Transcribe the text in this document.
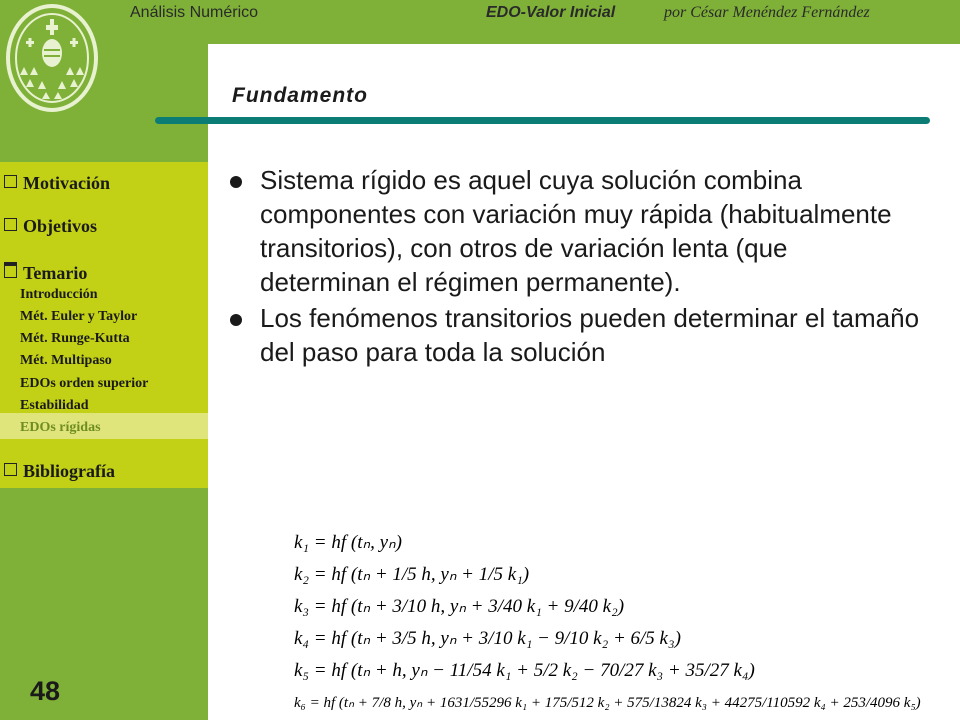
Análisis Numérico	EDO-Valor Inicial	por César Menéndez Fernández
Fundamento
Motivación
Objetivos
Temario
Introducción
Mét. Euler y Taylor
Mét. Runge-Kutta
Mét. Multipaso
EDOs orden superior
Estabilidad
EDOs rígidas
Bibliografía
48
Sistema rígido es aquel cuya solución combina componentes con variación muy rápida (habitualmente transitorios), con otros de variación lenta (que determinan el régimen permanente).
Los fenómenos transitorios pueden determinar el tamaño del paso para toda la solución
k₁ = hf (tₙ, yₙ)
k₂ = hf (tₙ + 1/5 h, yₙ + 1/5 k₁)
k₃ = hf (tₙ + 3/10 h, yₙ + 3/40 k₁ + 9/40 k₂)
k₄ = hf (tₙ + 3/5 h, yₙ + 3/10 k₁ − 9/10 k₂ + 6/5 k₃)
k₅ = hf (tₙ + h, yₙ − 11/54 k₁ + 5/2 k₂ − 70/27 k₃ + 35/27 k₄)
k₆ = hf (tₙ + 7/8 h, yₙ + 1631/55296 k₁ + 175/512 k₂ + 575/13824 k₃ + 44275/110592 k₄ + 253/4096 k₅)
